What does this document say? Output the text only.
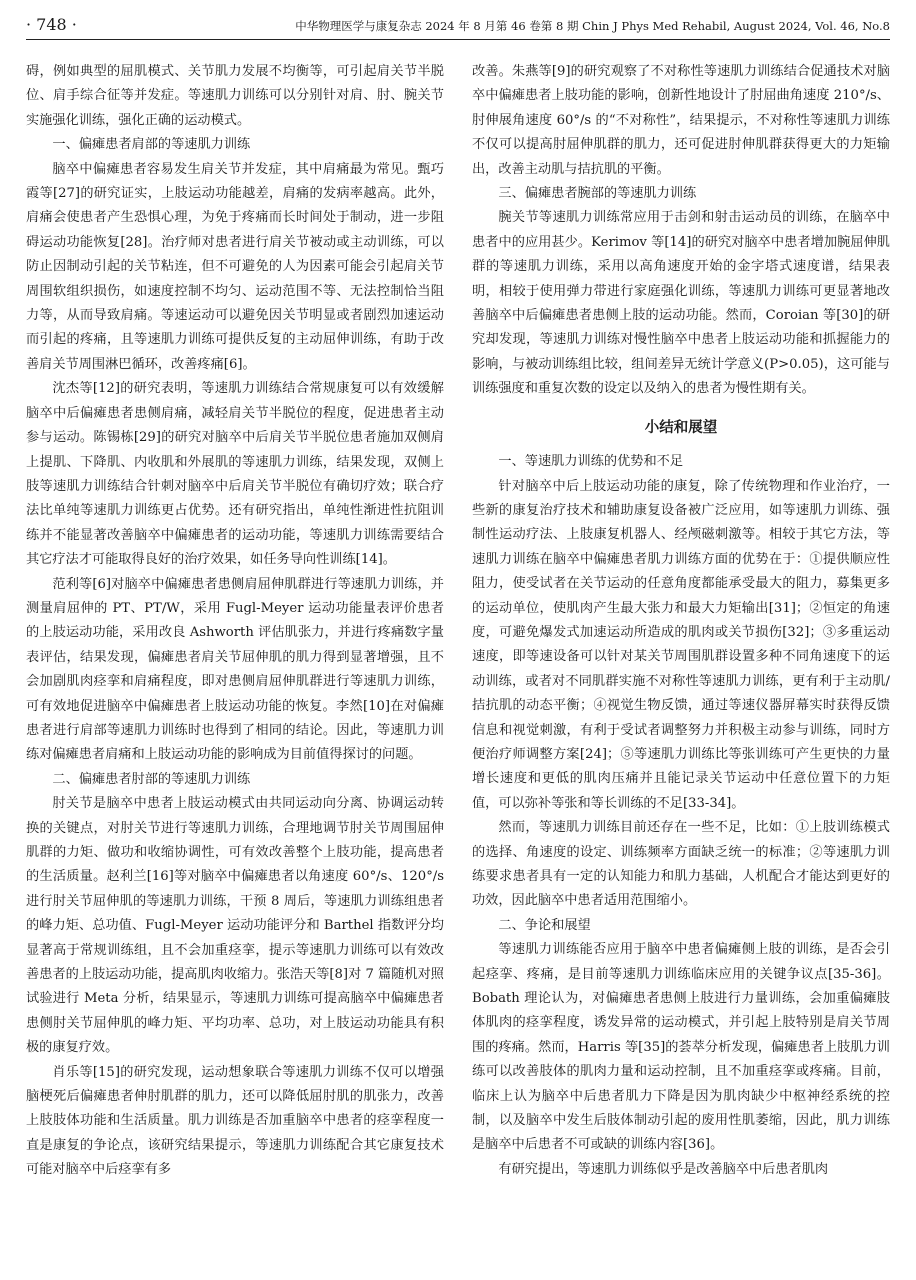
· 748 ·	中华物理医学与康复杂志 2024 年 8 月第 46 卷第 8 期 Chin J Phys Med Rehabil, August 2024, Vol. 46, No.8

碍，例如典型的屈肌模式、关节肌力发展不均衡等，可引起肩关节半脱位、肩手综合征等并发症。等速肌力训练可以分别针对肩、肘、腕关节实施强化训练，强化正确的运动模式。

一、偏瘫患者肩部的等速肌力训练

脑卒中偏瘫患者容易发生肩关节并发症，其中肩痛最为常见。甄巧霞等[27]的研究证实，上肢运动功能越差，肩痛的发病率越高。此外，肩痛会使患者产生恐惧心理，为免于疼痛而长时间处于制动，进一步阻碍运动功能恢复[28]。治疗师对患者进行肩关节被动或主动训练，可以防止因制动引起的关节粘连，但不可避免的人为因素可能会引起肩关节周围软组织损伤，如速度控制不均匀、运动范围不等、无法控制恰当阻力等，从而导致肩痛。等速运动可以避免因关节明显或者剧烈加速运动而引起的疼痛，且等速肌力训练可提供反复的主动屈伸训练，有助于改善肩关节周围淋巴循环，改善疼痛[6]。

沈杰等[12]的研究表明，等速肌力训练结合常规康复可以有效缓解脑卒中后偏瘫患者患侧肩痛，减轻肩关节半脱位的程度，促进患者主动参与运动。陈锡栋[29]的研究对脑卒中后肩关节半脱位患者施加双侧肩上提肌、下降肌、内收肌和外展肌的等速肌力训练，结果发现，双侧上肢等速肌力训练结合针刺对脑卒中后肩关节半脱位有确切疗效；联合疗法比单纯等速肌力训练更占优势。还有研究指出，单纯性渐进性抗阻训练并不能显著改善脑卒中偏瘫患者的运动功能，等速肌力训练需要结合其它疗法才可能取得良好的治疗效果，如任务导向性训练[14]。

范利等[6]对脑卒中偏瘫患者患侧肩屈伸肌群进行等速肌力训练，并测量肩屈伸的 PT、PT/W，采用 Fugl-Meyer 运动功能量表评价患者的上肢运动功能，采用改良 Ashworth 评估肌张力，并进行疼痛数字量表评估，结果发现，偏瘫患者肩关节屈伸肌的肌力得到显著增强，且不会加剧肌肉痉挛和肩痛程度，即对患侧肩屈伸肌群进行等速肌力训练，可有效地促进脑卒中偏瘫患者上肢运动功能的恢复。李然[10]在对偏瘫患者进行肩部等速肌力训练时也得到了相同的结论。因此，等速肌力训练对偏瘫患者肩痛和上肢运动功能的影响成为目前值得探讨的问题。

二、偏瘫患者肘部的等速肌力训练

肘关节是脑卒中患者上肢运动模式由共同运动向分离、协调运动转换的关键点，对肘关节进行等速肌力训练，合理地调节肘关节周围屈伸肌群的力矩、做功和收缩协调性，可有效改善整个上肢功能，提高患者的生活质量。赵利兰[16]等对脑卒中偏瘫患者以角速度 60°/s、120°/s 进行肘关节屈伸肌的等速肌力训练，干预 8 周后，等速肌力训练组患者的峰力矩、总功值、Fugl-Meyer 运动功能评分和 Barthel 指数评分均显著高于常规训练组，且不会加重痉挛，提示等速肌力训练可以有效改善患者的上肢运动功能，提高肌肉收缩力。张浩天等[8]对 7 篇随机对照试验进行 Meta 分析，结果显示，等速肌力训练可提高脑卒中偏瘫患者患侧肘关节屈伸肌的峰力矩、平均功率、总功，对上肢运动功能具有积极的康复疗效。

肖乐等[15]的研究发现，运动想象联合等速肌力训练不仅可以增强脑梗死后偏瘫患者伸肘肌群的肌力，还可以降低屈肘肌的肌张力，改善上肢肢体功能和生活质量。肌力训练是否加重脑卒中患者的痉挛程度一直是康复的争论点，该研究结果提示，等速肌力训练配合其它康复技术可能对脑卒中后痉挛有多

改善。朱燕等[9]的研究观察了不对称性等速肌力训练结合促通技术对脑卒中偏瘫患者上肢功能的影响，创新性地设计了肘屈曲角速度 210°/s、肘伸展角速度 60°/s 的“不对称性”，结果提示，不对称性等速肌力训练不仅可以提高肘屈伸肌群的肌力，还可促进肘伸肌群获得更大的力矩输出，改善主动肌与拮抗肌的平衡。

三、偏瘫患者腕部的等速肌力训练

腕关节等速肌力训练常应用于击剑和射击运动员的训练，在脑卒中患者中的应用甚少。Kerimov 等[14]的研究对脑卒中患者增加腕屈伸肌群的等速肌力训练，采用以高角速度开始的金字塔式速度谱，结果表明，相较于使用弹力带进行家庭强化训练，等速肌力训练可更显著地改善脑卒中后偏瘫患者患侧上肢的运动功能。然而，Coroian 等[30]的研究却发现，等速肌力训练对慢性脑卒中患者上肢运动功能和抓握能力的影响，与被动训练组比较，组间差异无统计学意义(P>0.05)，这可能与训练强度和重复次数的设定以及纳入的患者为慢性期有关。

小结和展望
一、等速肌力训练的优势和不足

针对脑卒中后上肢运动功能的康复，除了传统物理和作业治疗，一些新的康复治疗技术和辅助康复设备被广泛应用，如等速肌力训练、强制性运动疗法、上肢康复机器人、经颅磁刺激等。相较于其它方法，等速肌力训练在脑卒中偏瘫患者肌力训练方面的优势在于：①提供顺应性阻力，使受试者在关节运动的任意角度都能承受最大的阻力，募集更多的运动单位，使肌肉产生最大张力和最大力矩输出[31]；②恒定的角速度，可避免爆发式加速运动所造成的肌肉或关节损伤[32]；③多重运动速度，即等速设备可以针对某关节周围肌群设置多种不同角速度下的运动训练，或者对不同肌群实施不对称性等速肌力训练，更有利于主动肌/拮抗肌的动态平衡；④视觉生物反馈，通过等速仪器屏幕实时获得反馈信息和视觉刺激，有利于受试者调整努力并积极主动参与训练，同时方便治疗师调整方案[24]；⑤等速肌力训练比等张训练可产生更快的力量增长速度和更低的肌肉压痛并且能记录关节运动中任意位置下的力矩值，可以弥补等张和等长训练的不足[33-34]。

然而，等速肌力训练目前还存在一些不足，比如：①上肢训练模式的选择、角速度的设定、训练频率方面缺乏统一的标准；②等速肌力训练要求患者具有一定的认知能力和肌力基础，人机配合才能达到更好的功效，因此脑卒中患者适用范围缩小。

二、争论和展望

等速肌力训练能否应用于脑卒中患者偏瘫侧上肢的训练，是否会引起痉挛、疼痛，是目前等速肌力训练临床应用的关键争议点[35-36]。Bobath 理论认为，对偏瘫患者患侧上肢进行力量训练，会加重偏瘫肢体肌肉的痉挛程度，诱发异常的运动模式，并引起上肢特别是肩关节周围的疼痛。然而，Harris 等[35]的荟萃分析发现，偏瘫患者上肢肌力训练可以改善肢体的肌肉力量和运动控制，且不加重痉挛或疼痛。目前，临床上认为脑卒中后患者肌力下降是因为肌肉缺少中枢神经系统的控制，以及脑卒中发生后肢体制动引起的废用性肌萎缩，因此，肌力训练是脑卒中后患者不可或缺的训练内容[36]。

有研究提出，等速肌力训练似乎是改善脑卒中后患者肌肉
